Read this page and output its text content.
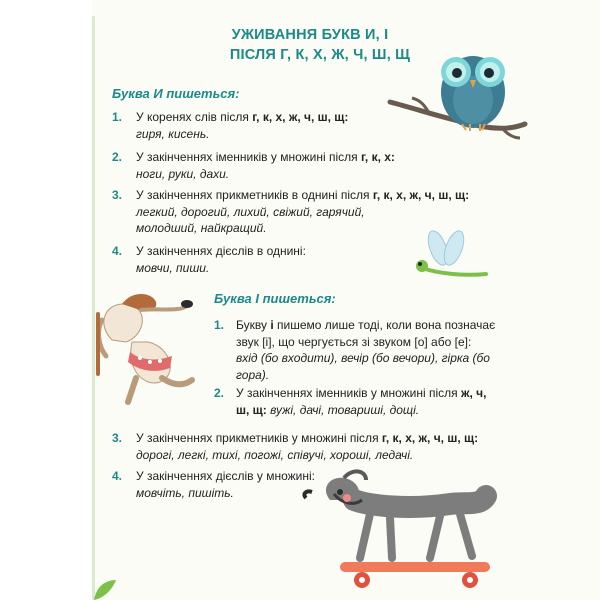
УЖИВАННЯ БУКВ И, І
ПІСЛЯ Г, К, Х, Ж, Ч, Ш, Щ
Буква И пишеться:
1. У коренях слів після г, к, х, ж, ч, ш, щ:
гиря, кисень.
2. У закінченнях іменників у множині після г, к, х:
ноги, руки, дахи.
3. У закінченнях прикметників в однині після г, к, х, ж, ч, ш, щ:
легкий, дорогий, лихий, свіжий, гарячий,
молодший, найкращий.
4. У закінченнях дієслів в однині:
мовчи, пиши.
Буква І пишеться:
1. Букву і пишемо лише тоді, коли вона позначає
звук [і], що чергується зі звуком [о] або [е]:
вхід (бо входити), вечір (бо вечори), гірка (бо
гора).
2. У закінченнях іменників у множині після ж, ч,
ш, щ: вужі, дачі, товариші, дощі.
3. У закінченнях прикметників у множині після г, к, х, ж, ч, ш, щ:
дорогі, легкі, тихі, погожі, співучі, хороші, ледачі.
4. У закінченнях дієслів у множині:
мовчіть, пишіть.
